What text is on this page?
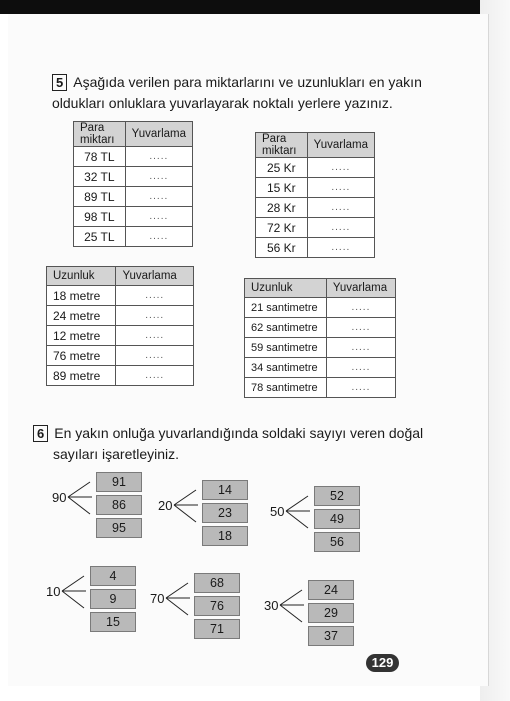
5 Aşağıda verilen para miktarlarını ve uzunlukları en yakın
oldukları onluklara yuvarlayarak noktalı yerlere yazınız.
Para miktarı	Yuvarlama
78 TL	.....
32 TL	.....
89 TL	.....
98 TL	.....
25 TL	.....
Para miktarı	Yuvarlama
25 Kr	.....
15 Kr	.....
28 Kr	.....
72 Kr	.....
56 Kr	.....
Uzunluk	Yuvarlama
18 metre	.....
24 metre	.....
12 metre	.....
76 metre	.....
89 metre	.....
Uzunluk	Yuvarlama
21 santimetre	.....
62 santimetre	.....
59 santimetre	.....
34 santimetre	.....
78 santimetre	.....
6 En yakın onluğa yuvarlandığında soldaki sayıyı veren doğal
sayıları işaretleyiniz.
90
91
86
95
20
14
23
18
50
52
49
56
10
4
9
15
70
68
76
71
30
24
29
37
129
